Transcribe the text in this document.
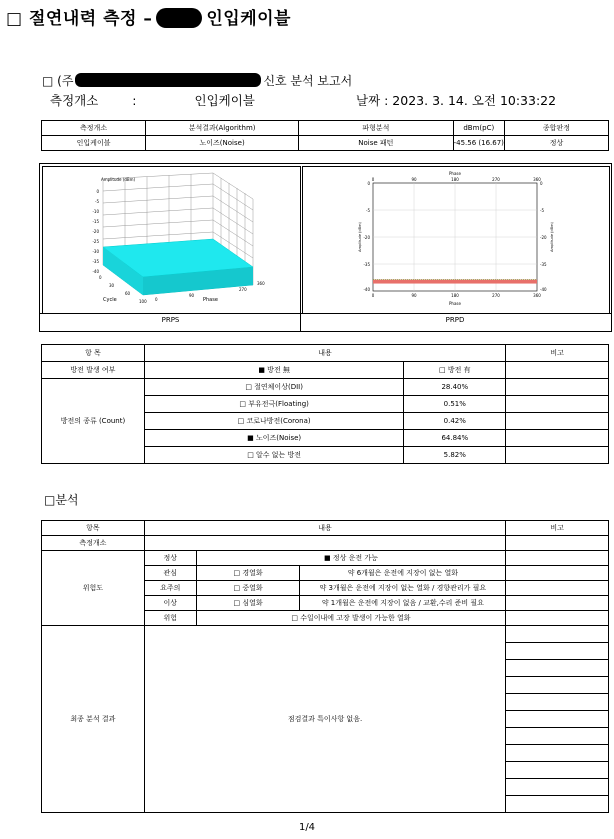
□ 절연내력 측정 –	인입케이블
□ (주	신호 분석 보고서
측정개소	:	인입케이블	날짜 : 2023. 3. 14. 오전 10:33:22
측정개소	분석결과(Algorithm)	파형분석	dBm(pC)	종합판정
인입케이블	노이즈(Noise)	Noise 패턴	-45.56 (16.67)	정상
Amplitude (dBm)
0
-5
-10
-15
-20
-25
-30
-35
-40
0
30
60
100 0
90
270
360
Cycle	Phase
Phase
Phase
0	90	180	270	360
0	90	180	270	360
0
-5
-20
-35
-40
0
-5
-20
-35
-40
Amplitude (dBm)	Amplitude (dBm)
PRPS	PRPD
항 목	내용		비고
방전 발생 여부	■ 방전 無	□ 방전 有	
방전의 종류 (Count)	□ 절연체이상(DII)	28.40%	
	□ 부유전극(Floating)	0.51%	
	□ 코로나방전(Corona)	0.42%	
	■ 노이즈(Noise)	64.84%	
	□ 알수 없는 방전	5.82%	
□분석
항목	내용			비고
측정개소				
위험도	정상	■ 정상 운전 가능		
	관심	□ 경열화	약 6개월은 운전에 지장이 없는 열화	
	요주의	□ 중열화	약 3개월은 운전에 지장이 없는 열화 / 경향관리가 필요	
	이상	□ 심열화	약 1개월은 운전에 지장이 없음 / 교환,수리 준비 필요	
	위험	□ 수일이내에 고장 발생이 가능한 열화		
최종 분석 결과	점검결과 특이사항 없음.			

1/4
